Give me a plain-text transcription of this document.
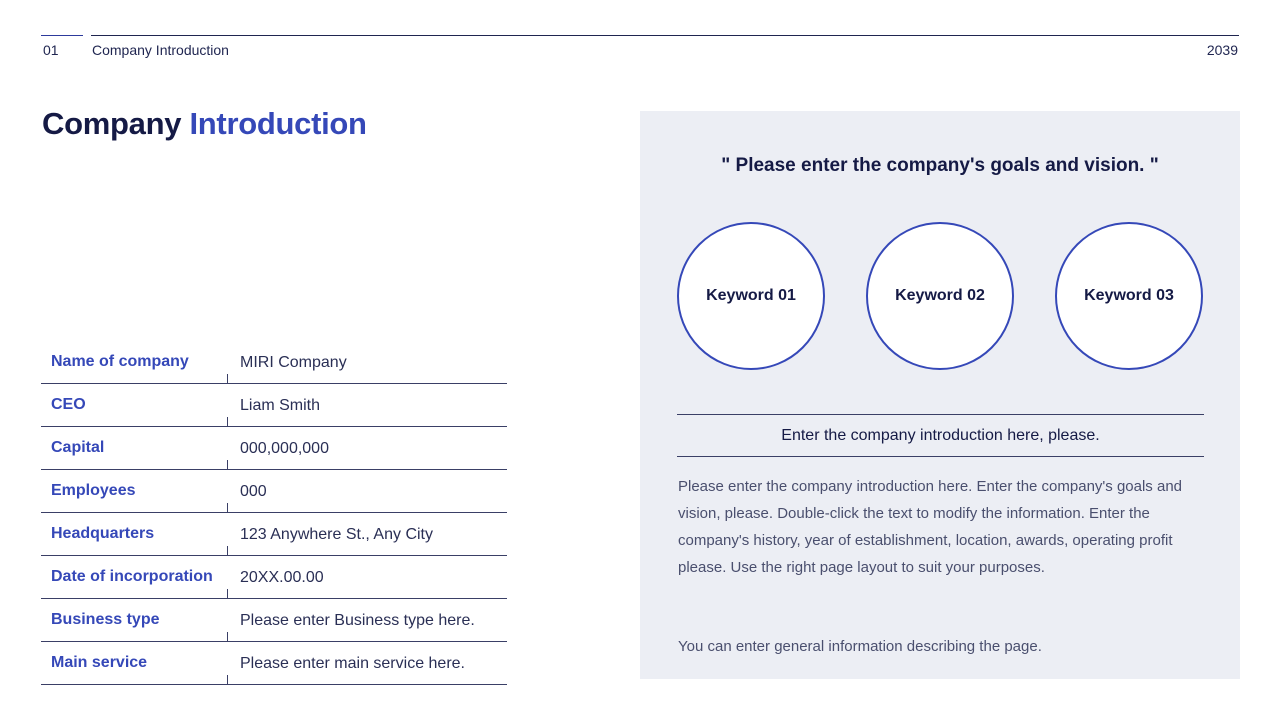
01 Company Introduction	2039
Company Introduction
Name of company	MIRI Company
CEO	Liam Smith
Capital	000,000,000
Employees	000
Headquarters	123 Anywhere St., Any City
Date of incorporation 20XX.00.00
Business type	Please enter Business type here.
Main service	Please enter main service here.
" Please enter the company's goals and vision. "
Keyword 01	Keyword 02	Keyword 03
Enter the company introduction here, please.
Please enter the company introduction here. Enter the company's goals and vision, please. Double-click the text to modify the information. Enter the company's history, year of establishment, location, awards, operating profit please. Use the right page layout to suit your purposes.
You can enter general information describing the page.
